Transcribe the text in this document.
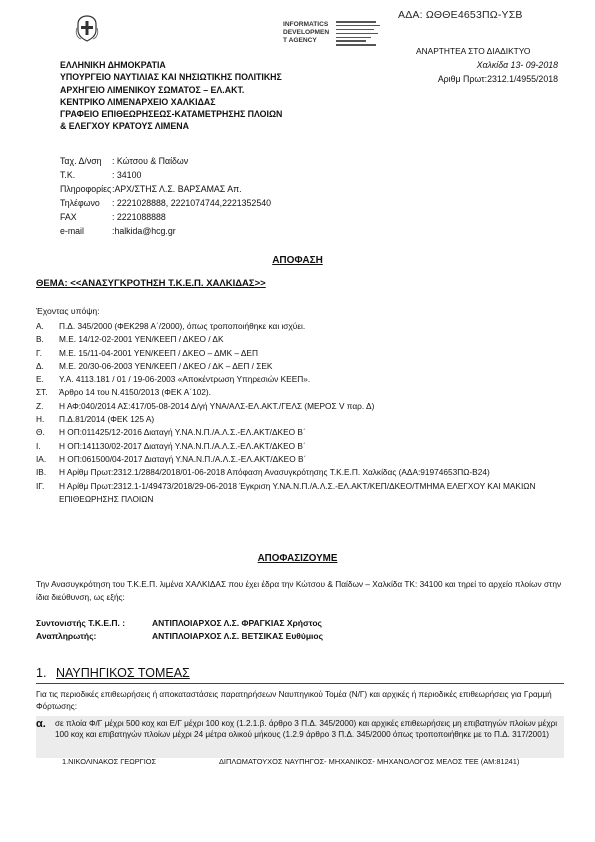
ΑΔΑ: ΩΘΘΕ4653ΠΩ-ΥΣΒ
INFORMATICS
DEVELOPMEN
T AGENCY
ΑΝΑΡΤΗΤΕΑ ΣΤΟ ΔΙΑΔΙΚΤΥΟ
Χαλκίδα 13- 09-2018
Αριθμ Πρωτ:2312.1/4955/2018
ΕΛΛΗΝΙΚΗ ΔΗΜΟΚΡΑΤΙΑ
ΥΠΟΥΡΓΕΙΟ ΝΑΥΤΙΛΙΑΣ ΚΑΙ ΝΗΣΙΩΤΙΚΗΣ ΠΟΛΙΤΙΚΗΣ
ΑΡΧΗΓΕΙΟ ΛΙΜΕΝΙΚΟΥ ΣΩΜΑΤΟΣ – ΕΛ.ΑΚΤ.
ΚΕΝΤΡΙΚΟ ΛΙΜΕΝΑΡΧΕΙΟ ΧΑΛΚΙΔΑΣ
ΓΡΑΦΕΙΟ ΕΠΙΘΕΩΡΗΣΕΩΣ-ΚΑΤΑΜΕΤΡΗΣΗΣ ΠΛΟΙΩΝ
& ΕΛΕΓΧΟΥ ΚΡΑΤΟΥΣ ΛΙΜΕΝΑ
Ταχ. Δ/νση	: Κώτσου & Παίδων
Τ.Κ.	: 34100
Πληροφορίες :ΑΡΧ/ΣΤΗΣ Λ.Σ. ΒΑΡΣΑΜΑΣ Απ.
Τηλέφωνο	: 2221028888, 2221074744,2221352540
FAX	: 2221088888
e-mail	:halkida@hcg.gr
ΑΠΟΦΑΣΗ
ΘΕΜΑ: <<ΑΝΑΣΥΓΚΡΟΤΗΣΗ Τ.Κ.Ε.Π. ΧΑΛΚΙΔΑΣ>>
Έχοντας υπόψη:
Α.	Π.Δ. 345/2000 (ΦΕΚ298 Α΄/2000), όπως τροποποιήθηκε και ισχύει.
Β.	Μ.Ε. 14/12-02-2001 ΥΕΝ/ΚΕΕΠ / ΔΚΕΟ / ΔΚ
Γ.	Μ.Ε. 15/11-04-2001 ΥΕΝ/ΚΕΕΠ / ΔΚΕΟ – ΔΜΚ – ΔΕΠ
Δ.	Μ.Ε. 20/30-06-2003 ΥΕΝ/ΚΕΕΠ / ΔΚΕΟ / ΔΚ – ΔΕΠ / ΣΕΚ
Ε.	Υ.Α. 4113.181 / 01 / 19-06-2003 «Αποκέντρωση Υπηρεσιών ΚΕΕΠ».
ΣΤ.	Άρθρο 14 του Ν.4150/2013 (ΦΕΚ Α΄102).
Ζ.	Η ΑΦ:040/2014 ΑΣ:417/05-08-2014 Δ/γή ΥΝΑ/ΑΛΣ-ΕΛ.ΑΚΤ./ΓΕΛΣ (ΜΕΡΟΣ V παρ. Δ)
Η.	Π.Δ.81/2014 (ΦΕΚ 125 Α)
Θ.	Η ΟΠ:011425/12-2016 Διαταγή Υ.ΝΑ.Ν.Π./Α.Λ.Σ.-ΕΛ.ΑΚΤ/ΔΚΕΟ Β΄
Ι.	Η ΟΠ:141130/02-2017 Διαταγή Υ.ΝΑ.Ν.Π./Α.Λ.Σ.-ΕΛ.ΑΚΤ/ΔΚΕΟ Β΄
ΙΑ.	Η ΟΠ:061500/04-2017 Διαταγή Υ.ΝΑ.Ν.Π./Α.Λ.Σ.-ΕΛ.ΑΚΤ/ΔΚΕΟ Β΄
ΙΒ.	Η Αρίθμ Πρωτ:2312.1/2884/2018/01-06-2018 Απόφαση Ανασυγκρότησης Τ.Κ.Ε.Π. Χαλκίδας (ΑΔΑ:91974653ΠΩ-Β24)
ΙΓ.	Η Αρίθμ Πρωτ:2312.1-1/49473/2018/29-06-2018 Έγκριση Υ.ΝΑ.Ν.Π./Α.Λ.Σ.-ΕΛ.ΑΚΤ/ΚΕΠ/ΔΚΕΟ/ΤΜΗΜΑ ΕΛΕΓΧΟΥ ΚΑΙ ΜΑΚΙΩΝ ΕΠΙΘΕΩΡΗΣΗΣ ΠΛΟΙΩΝ
ΑΠΟΦΑΣΙΖΟΥΜΕ
Την Ανασυγκρότηση του Τ.Κ.Ε.Π. λιμένα ΧΑΛΚΙΔΑΣ που έχει έδρα την Κώτσου & Παίδων – Χαλκίδα ΤΚ: 34100 και τηρεί το αρχείο πλοίων στην ίδια διεύθυνση, ως εξής:
Συντονιστής Τ.Κ.Ε.Π. :	ΑΝΤΙΠΛΟΙΑΡΧΟΣ Λ.Σ. ΦΡΑΓΚΙΑΣ Χρήστος
Αναπληρωτής:	ΑΝΤΙΠΛΟΙΑΡΧΟΣ Λ.Σ. ΒΕΤΣΙΚΑΣ Ευθύμιος
1. ΝΑΥΠΗΓΙΚΟΣ ΤΟΜΕΑΣ
Για τις περιοδικές επιθεωρήσεις ή αποκαταστάσεις παρατηρήσεων Ναυπηγικού Τομέα (Ν/Γ) και αρχικές ή περιοδικές επιθεωρήσεις για Γραμμή Φόρτωσης:
α. σε πλοία Φ/Γ μέχρι 500 κοχ και Ε/Γ μέχρι 100 κοχ (1.2.1.β. άρθρο 3 Π.Δ. 345/2000) και αρχικές επιθεωρήσεις μη επιβατηγών πλοίων μέχρι 100 κοχ και επιβατηγών πλοίων μέχρι 24 μέτρα ολικού μήκους (1.2.9 άρθρο 3 Π.Δ. 345/2000 όπως τροποποιήθηκε με το Π.Δ. 317/2001)
1.ΝΙΚΟΛΙΝΑΚΟΣ ΓΕΩΡΓΙΟΣ	ΔΙΠΛΩΜΑΤΟΥΧΟΣ ΝΑΥΠΗΓΟΣ- ΜΗΧΑΝΙΚΟΣ- ΜΗΧΑΝΟΛΟΓΟΣ ΜΕΛΟΣ ΤΕΕ (ΑΜ:81241)
